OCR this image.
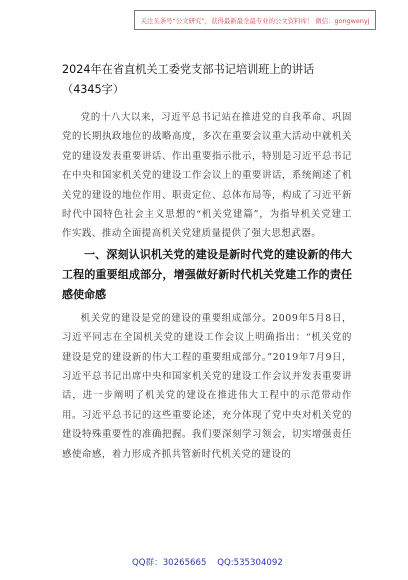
关注头条号“公文研究”，获得最新最全最专业的公文资料库！ 微信：gongwenyj
2024年在省直机关工委党支部书记培训班上的讲话（4345字）

党的十八大以来，习近平总书记站在推进党的自我革命、巩固党的长期执政地位的战略高度，多次在重要会议重大活动中就机关党的建设发表重要讲话、作出重要指示批示，特别是习近平总书记在中央和国家机关党的建设工作会议上的重要讲话，系统阐述了机关党的建设的地位作用、职责定位、总体布局等，构成了习近平新时代中国特色社会主义思想的“机关党建篇”，为指导机关党建工作实践、推动全面提高机关党建质量提供了强大思想武器。

一、深刻认识机关党的建设是新时代党的建设新的伟大工程的重要组成部分，增强做好新时代机关党建工作的责任感使命感

机关党的建设是党的建设的重要组成部分。2009年5月8日，习近平同志在全国机关党的建设工作会议上明确指出：“机关党的建设是党的建设新的伟大工程的重要组成部分。”2019年7月9日，习近平总书记出席中央和国家机关党的建设工作会议并发表重要讲话，进一步阐明了机关党的建设在推进伟大工程中的示范带动作用。习近平总书记的这些重要论述，充分体现了党中央对机关党的建设特殊重要性的准确把握。我们要深刻学习领会，切实增强责任感使命感，着力形成齐抓共管新时代机关党的建设的

QQ群：30265665 QQ:535304092
